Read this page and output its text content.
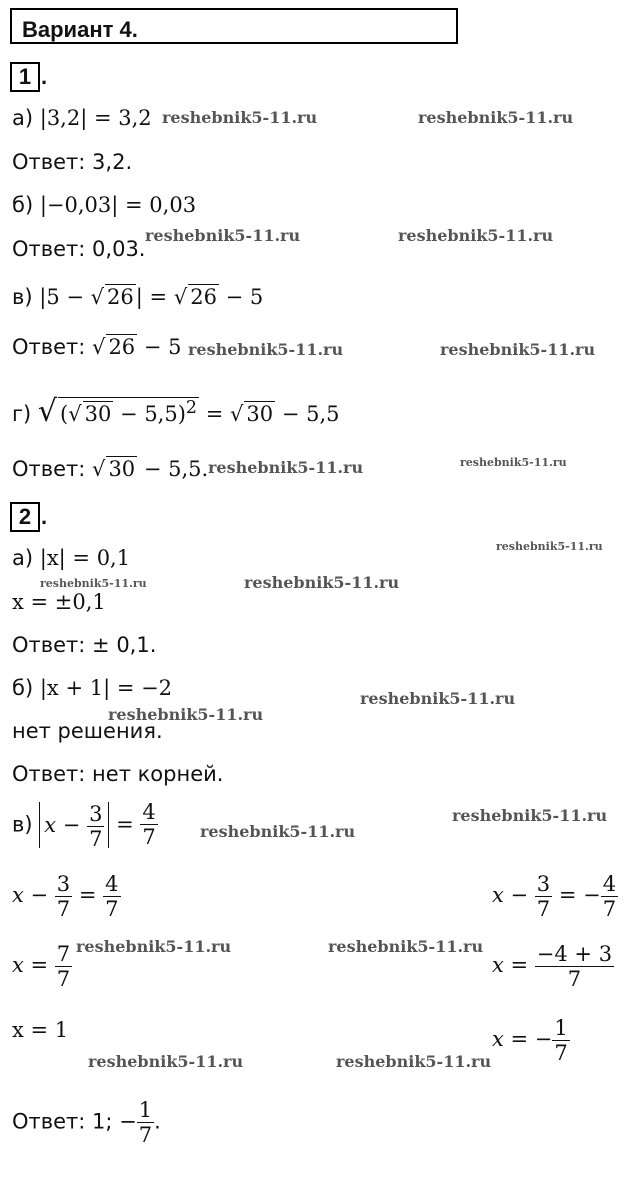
Вариант 4.
1 .
а) |3,2| = 3,2
Ответ: 3,2.
б) |−0,03| = 0,03
Ответ: 0,03.
в) |5 − √ 26| = √ 26 − 5
Ответ: √ 26 − 5
г) √ (√ 30 − 5,5)$^2$ = √ 30 − 5,5
Ответ: √ 30 − 5,5.
2 .
а) |x| = 0,1
x = ±0,1
Ответ: ± 0,1.
б) |x + 1| = −2
нет решения.
Ответ: нет корней.
в) $x - \frac{3}{7} = \frac{4}{7}$
$x - \frac{3}{7} = \frac{4}{7}$	$x - \frac{3}{7}$ = − $\frac{4}{7}$
$x = \frac{7}{7}$	$x = \frac{-4 + 3}{7}$
x = 1	x = − $\frac{1}{7}$
Ответ: 1; − $\frac{1}{7}$ .
reshebnik5-11.ru	reshebnik5-11.ru
reshebnik5-11.ru	reshebnik5-11.ru
reshebnik5-11.ru	reshebnik5-11.ru
reshebnik5-11.ru	reshebnik5-11.ru
reshebnik5-11.ru
reshebnik5-11.ru	reshebnik5-11.ru
reshebnik5-11.ru
reshebnik5-11.ru
reshebnik5-11.ru
reshebnik5-11.ru
reshebnik5-11.ru	reshebnik5-11.ru
reshebnik5-11.ru	reshebnik5-11.ru
